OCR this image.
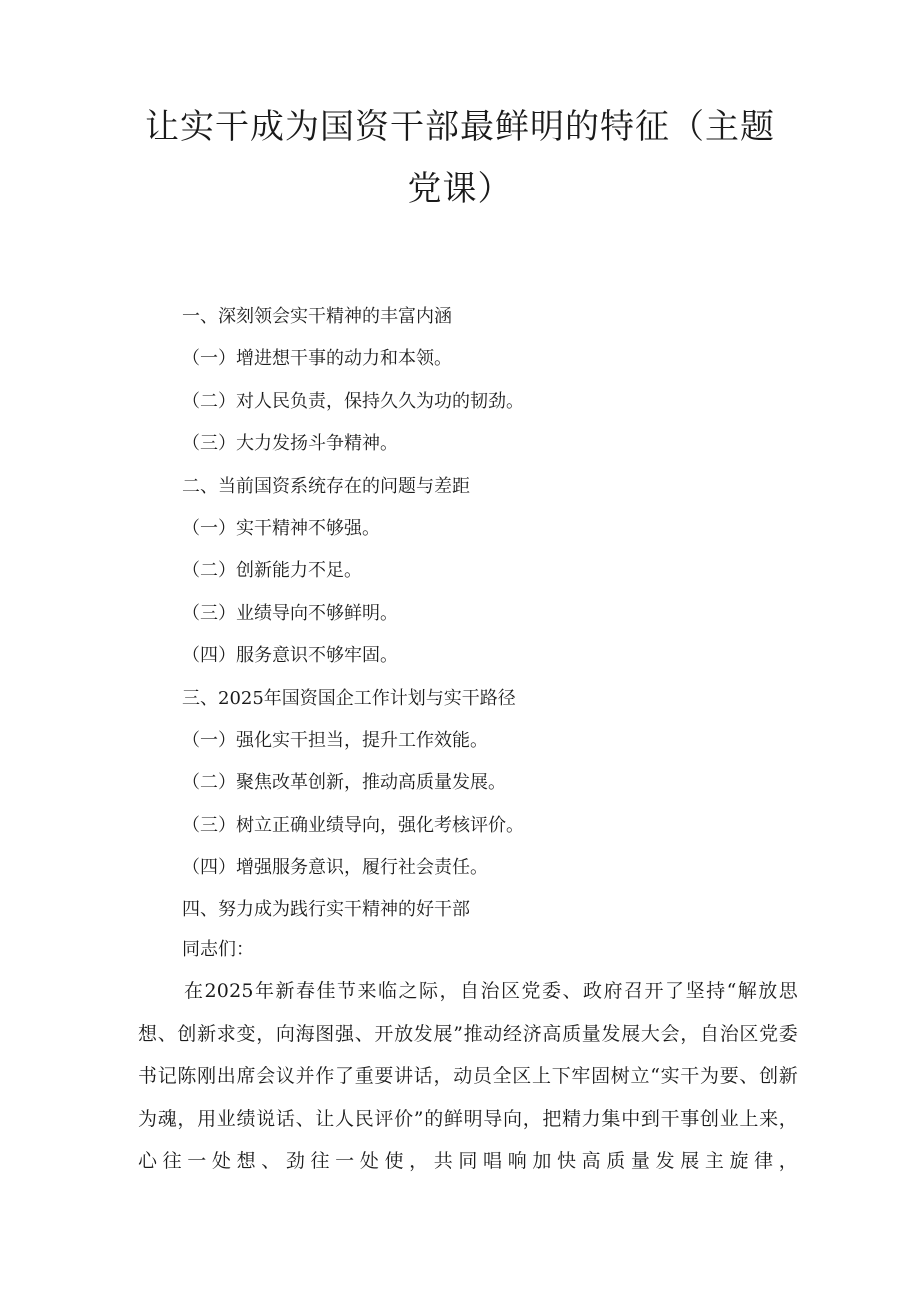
让实干成为国资干部最鲜明的特征（主题党课）
一、深刻领会实干精神的丰富内涵
（一）增进想干事的动力和本领。
（二）对人民负责，保持久久为功的韧劲。
（三）大力发扬斗争精神。
二、当前国资系统存在的问题与差距
（一）实干精神不够强。
（二）创新能力不足。
（三）业绩导向不够鲜明。
（四）服务意识不够牢固。
三、2025年国资国企工作计划与实干路径
（一）强化实干担当，提升工作效能。
（二）聚焦改革创新，推动高质量发展。
（三）树立正确业绩导向，强化考核评价。
（四）增强服务意识，履行社会责任。
四、努力成为践行实干精神的好干部

同志们：

在2025年新春佳节来临之际，自治区党委、政府召开了坚持“解放思想、创新求变，向海图强、开放发展”推动经济高质量发展大会，自治区党委书记陈刚出席会议并作了重要讲话，动员全区上下牢固树立“实干为要、创新为魂，用业绩说话、让人民评价”的鲜明导向，把精力集中到干事创业上来，心往一处想、劲往一处使，共同唱响加快高质量发展主旋律，
